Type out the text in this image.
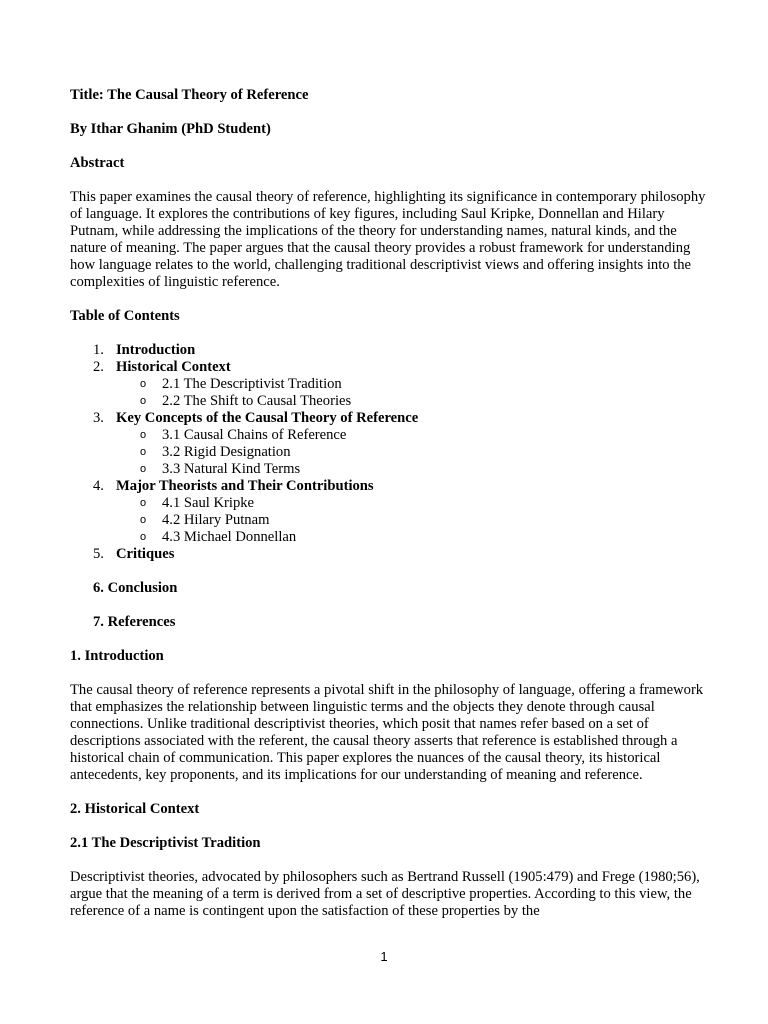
Title: The Causal Theory of Reference

By Ithar Ghanim (PhD Student)

Abstract

This paper examines the causal theory of reference, highlighting its significance in contemporary philosophy of language. It explores the contributions of key figures, including Saul Kripke, Donnellan and Hilary Putnam, while addressing the implications of the theory for understanding names, natural kinds, and the nature of meaning. The paper argues that the causal theory provides a robust framework for understanding how language relates to the world, challenging traditional descriptivist views and offering insights into the complexities of linguistic reference.

Table of Contents

1. Introduction
2. Historical Context
o 2.1 The Descriptivist Tradition
o 2.2 The Shift to Causal Theories
3. Key Concepts of the Causal Theory of Reference
o 3.1 Causal Chains of Reference
o 3.2 Rigid Designation
o 3.3 Natural Kind Terms
4. Major Theorists and Their Contributions
o 4.1 Saul Kripke
o 4.2 Hilary Putnam
o 4.3 Michael Donnellan
5. Critiques

6. Conclusion

7. References

1. Introduction

The causal theory of reference represents a pivotal shift in the philosophy of language, offering a framework that emphasizes the relationship between linguistic terms and the objects they denote through causal connections. Unlike traditional descriptivist theories, which posit that names refer based on a set of descriptions associated with the referent, the causal theory asserts that reference is established through a historical chain of communication. This paper explores the nuances of the causal theory, its historical antecedents, key proponents, and its implications for our understanding of meaning and reference.

2. Historical Context

2.1 The Descriptivist Tradition

Descriptivist theories, advocated by philosophers such as Bertrand Russell (1905:479) and Frege (1980;56), argue that the meaning of a term is derived from a set of descriptive properties. According to this view, the reference of a name is contingent upon the satisfaction of these properties by the

1
